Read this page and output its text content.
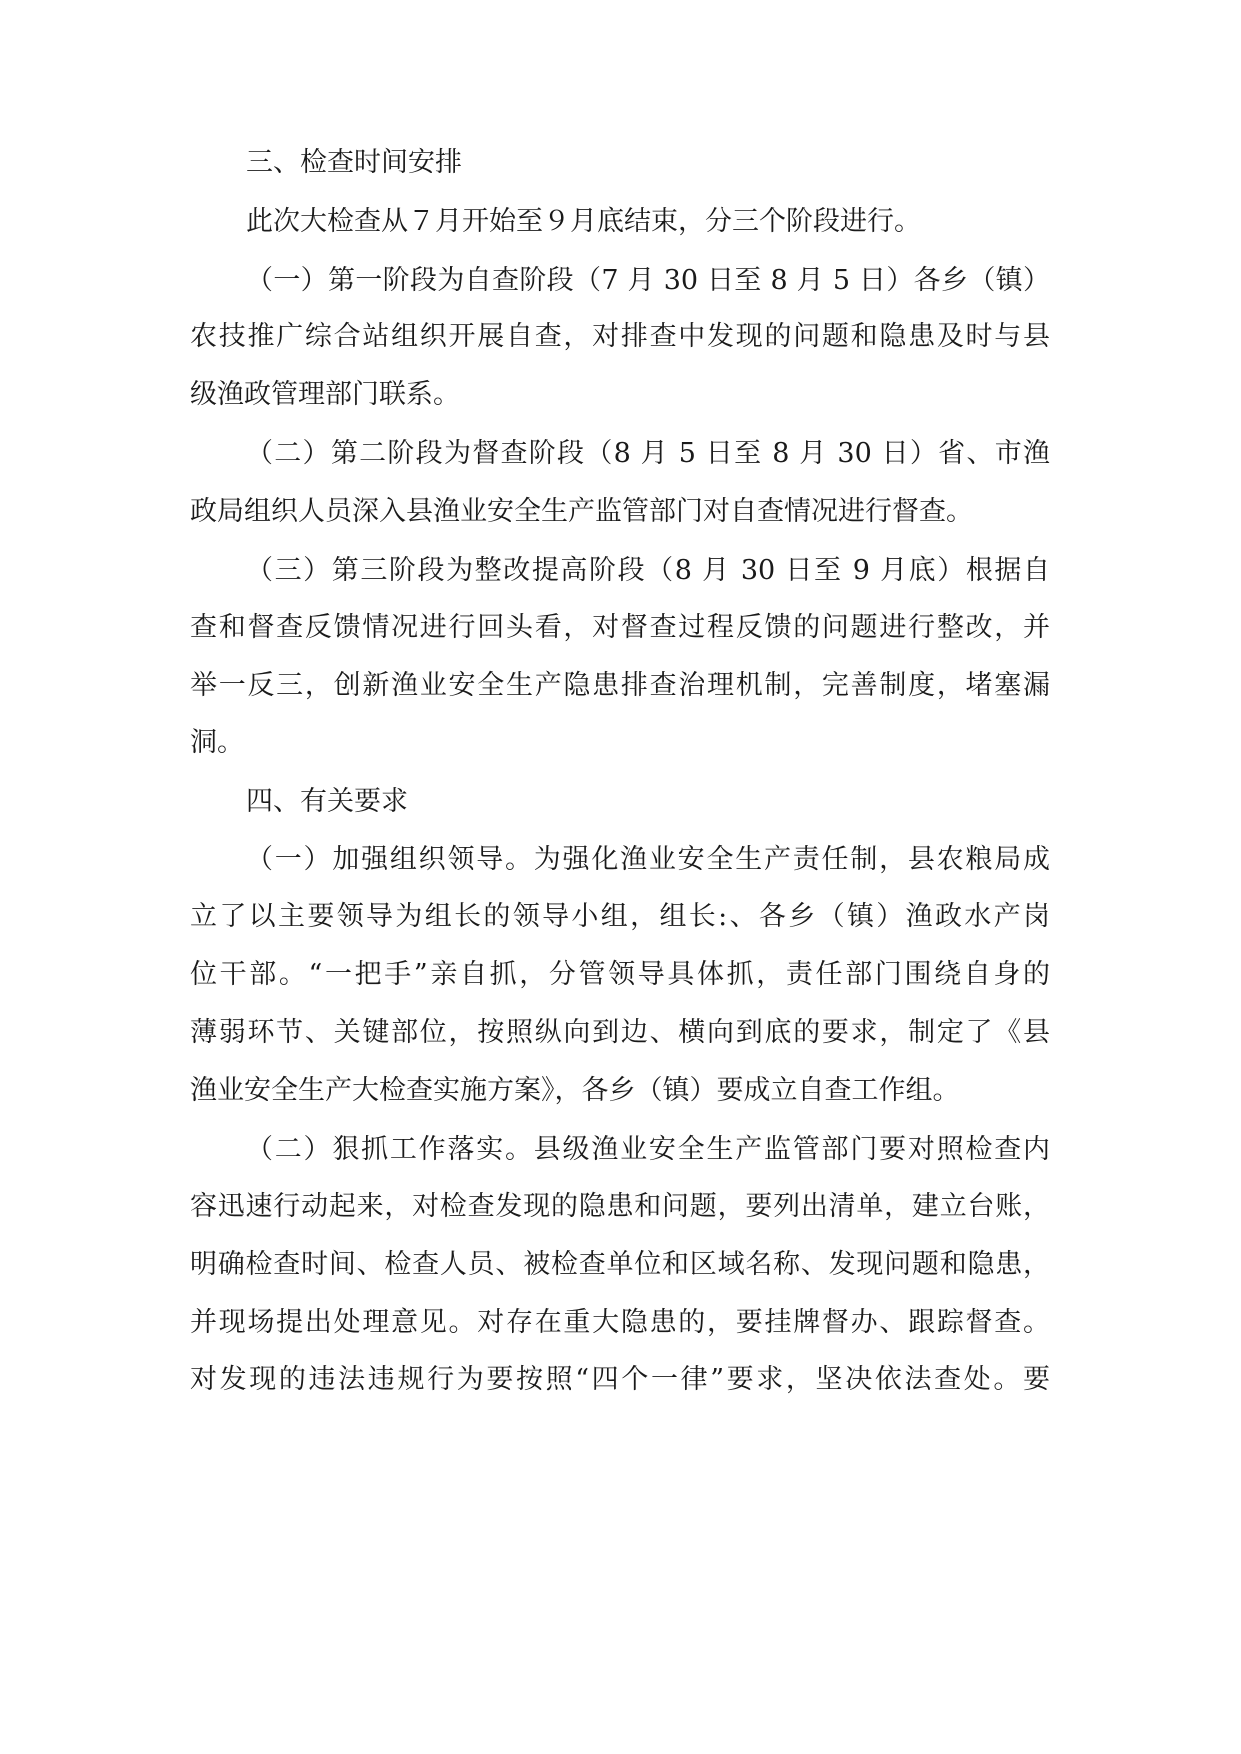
三、检查时间安排
此次大检查从７月开始至９月底结束，分三个阶段进行。
（一）第一阶段为自查阶段（7 月 30 日至 8 月 5 日）各乡（镇）
农技推广综合站组织开展自查，对排查中发现的问题和隐患及时与县
级渔政管理部门联系。
（二）第二阶段为督查阶段（8 月 5 日至 8 月 30 日）省、市渔
政局组织人员深入县渔业安全生产监管部门对自查情况进行督查。
（三）第三阶段为整改提高阶段（8 月 30 日至 9 月底）根据自
查和督查反馈情况进行回头看，对督查过程反馈的问题进行整改，并
举一反三，创新渔业安全生产隐患排查治理机制，完善制度，堵塞漏
洞。
四、有关要求
（一）加强组织领导。为强化渔业安全生产责任制，县农粮局成
立了以主要领导为组长的领导小组，组长:、各乡（镇）渔政水产岗
位干部。“一把手”亲自抓，分管领导具体抓，责任部门围绕自身的
薄弱环节、关键部位，按照纵向到边、横向到底的要求，制定了《县
渔业安全生产大检查实施方案》，各乡（镇）要成立自查工作组。
（二）狠抓工作落实。县级渔业安全生产监管部门要对照检查内
容迅速行动起来，对检查发现的隐患和问题，要列出清单，建立台账，
明确检查时间、检查人员、被检查单位和区域名称、发现问题和隐患，
并现场提出处理意见。对存在重大隐患的，要挂牌督办、跟踪督查。
对发现的违法违规行为要按照“四个一律”要求，坚决依法查处。要
